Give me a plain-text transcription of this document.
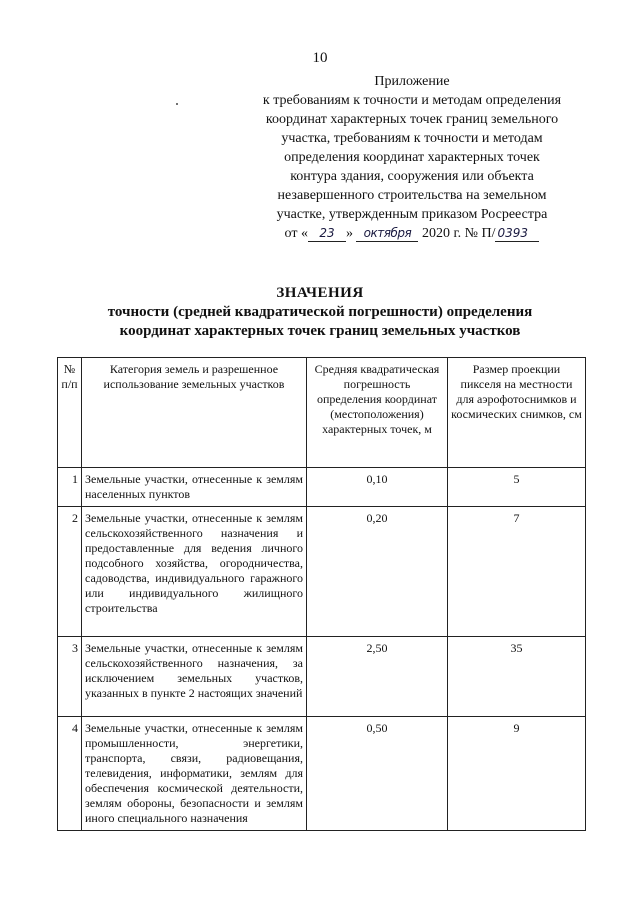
10
Приложение
к требованиям к точности и методам определения
координат характерных точек границ земельного
участка, требованиям к точности и методам
определения координат характерных точек
контура здания, сооружения или объекта
незавершенного строительства на земельном
участке, утвержденным приказом Росреестра
от « 23 » октября 2020 г. № П/ 0393
ЗНАЧЕНИЯ
точности (средней квадратической погрешности) определения
координат характерных точек границ земельных участков
№ п/п	Категория земель и разрешенное использование земельных участков	Средняя квадратическая погрешность определения координат (местоположения) характерных точек, м	Размер проекции пикселя на местности для аэрофотоснимков и космических снимков, см
1	Земельные участки, отнесенные к землям населенных пунктов	0,10	5
2	Земельные участки, отнесенные к землям сельскохозяйственного назначения и предоставленные для ведения личного подсобного хозяйства, огородничества, садоводства, индивидуального гаражного или индивидуального жилищного строительства	0,20	7
3	Земельные участки, отнесенные к землям сельскохозяйственного назначения, за исключением земельных участков, указанных в пункте 2 настоящих значений	2,50	35
4	Земельные участки, отнесенные к землям промышленности, энергетики, транспорта, связи, радиовещания, телевидения, информатики, землям для обеспечения космической деятельности, землям обороны, безопасности и землям иного специального назначения	0,50	9
